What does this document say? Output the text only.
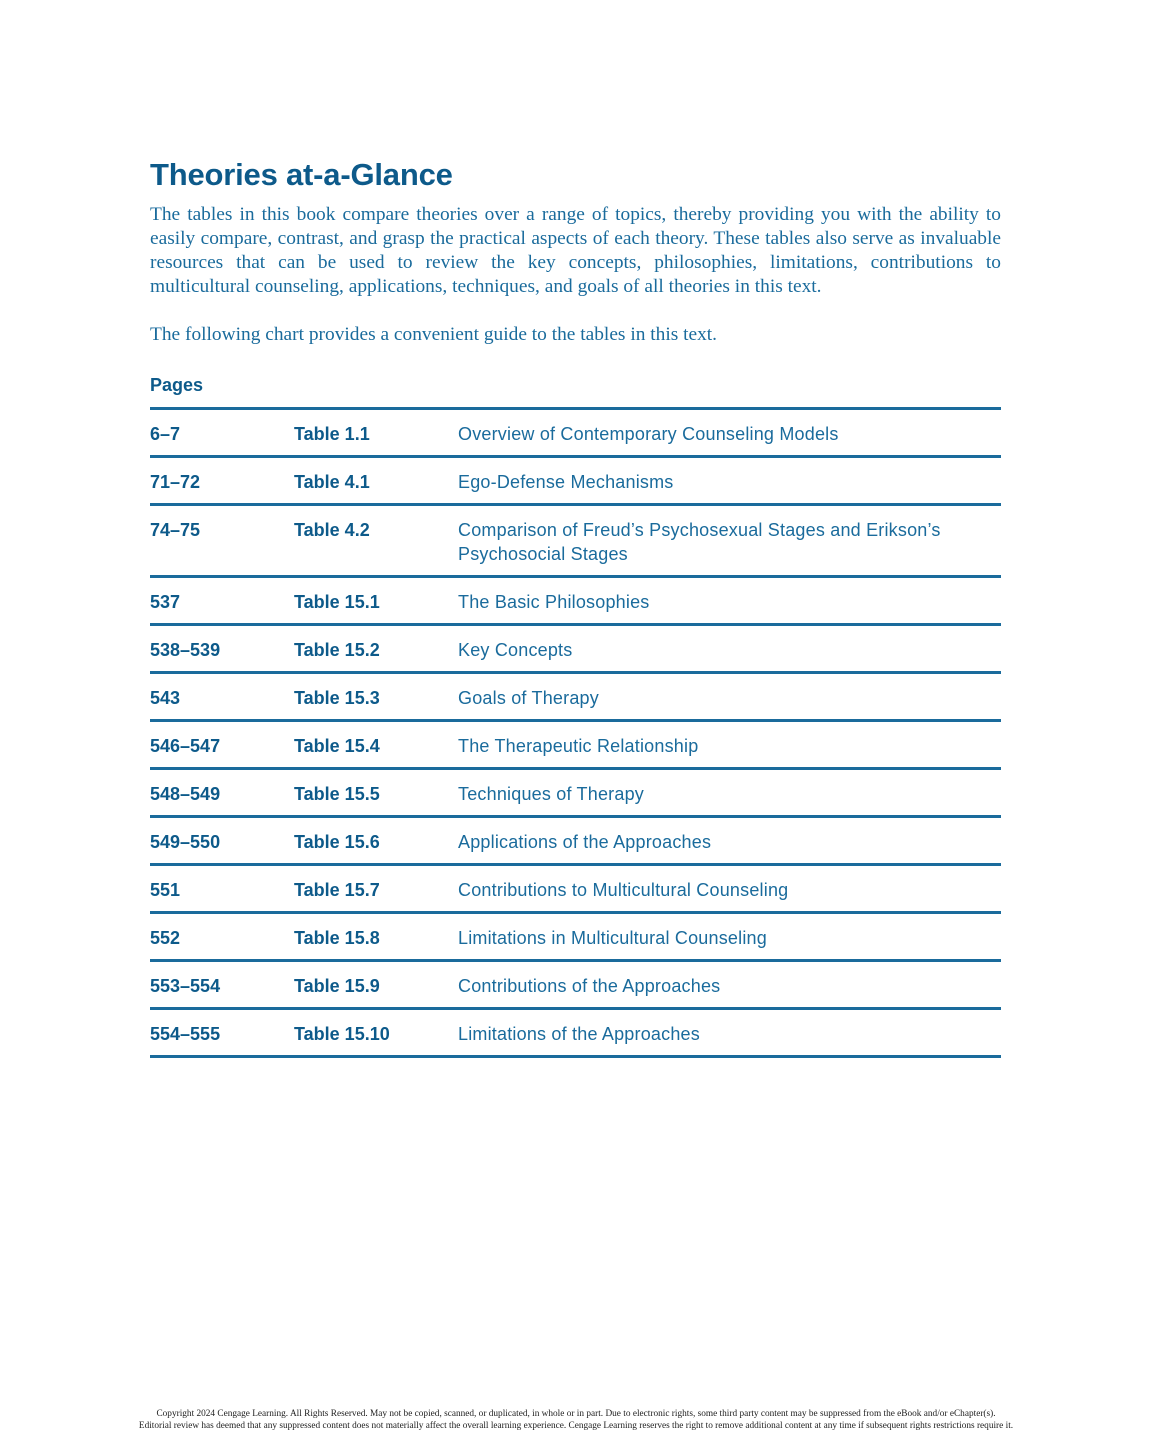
Theories at-a-Glance

The tables in this book compare theories over a range of topics, thereby providing you with the ability to easily compare, contrast, and grasp the practical aspects of each theory. These tables also serve as invaluable resources that can be used to review the key concepts, philosophies, limitations, contributions to multicultural counseling, applications, techniques, and goals of all theories in this text.

The following chart provides a convenient guide to the tables in this text.

Pages
6–7	Table 1.1	Overview of Contemporary Counseling Models
71–72	Table 4.1	Ego-Defense Mechanisms
74–75	Table 4.2	Comparison of Freud’s Psychosexual Stages and Erikson’s Psychosocial Stages
537	Table 15.1	The Basic Philosophies
538–539	Table 15.2	Key Concepts
543	Table 15.3	Goals of Therapy
546–547	Table 15.4	The Therapeutic Relationship
548–549	Table 15.5	Techniques of Therapy
549–550	Table 15.6	Applications of the Approaches
551	Table 15.7	Contributions to Multicultural Counseling
552	Table 15.8	Limitations in Multicultural Counseling
553–554	Table 15.9	Contributions of the Approaches
554–555	Table 15.10	Limitations of the Approaches
Copyright 2024 Cengage Learning. All Rights Reserved. May not be copied, scanned, or duplicated, in whole or in part. Due to electronic rights, some third party content may be suppressed from the eBook and/or eChapter(s).
Editorial review has deemed that any suppressed content does not materially affect the overall learning experience. Cengage Learning reserves the right to remove additional content at any time if subsequent rights restrictions require it.
